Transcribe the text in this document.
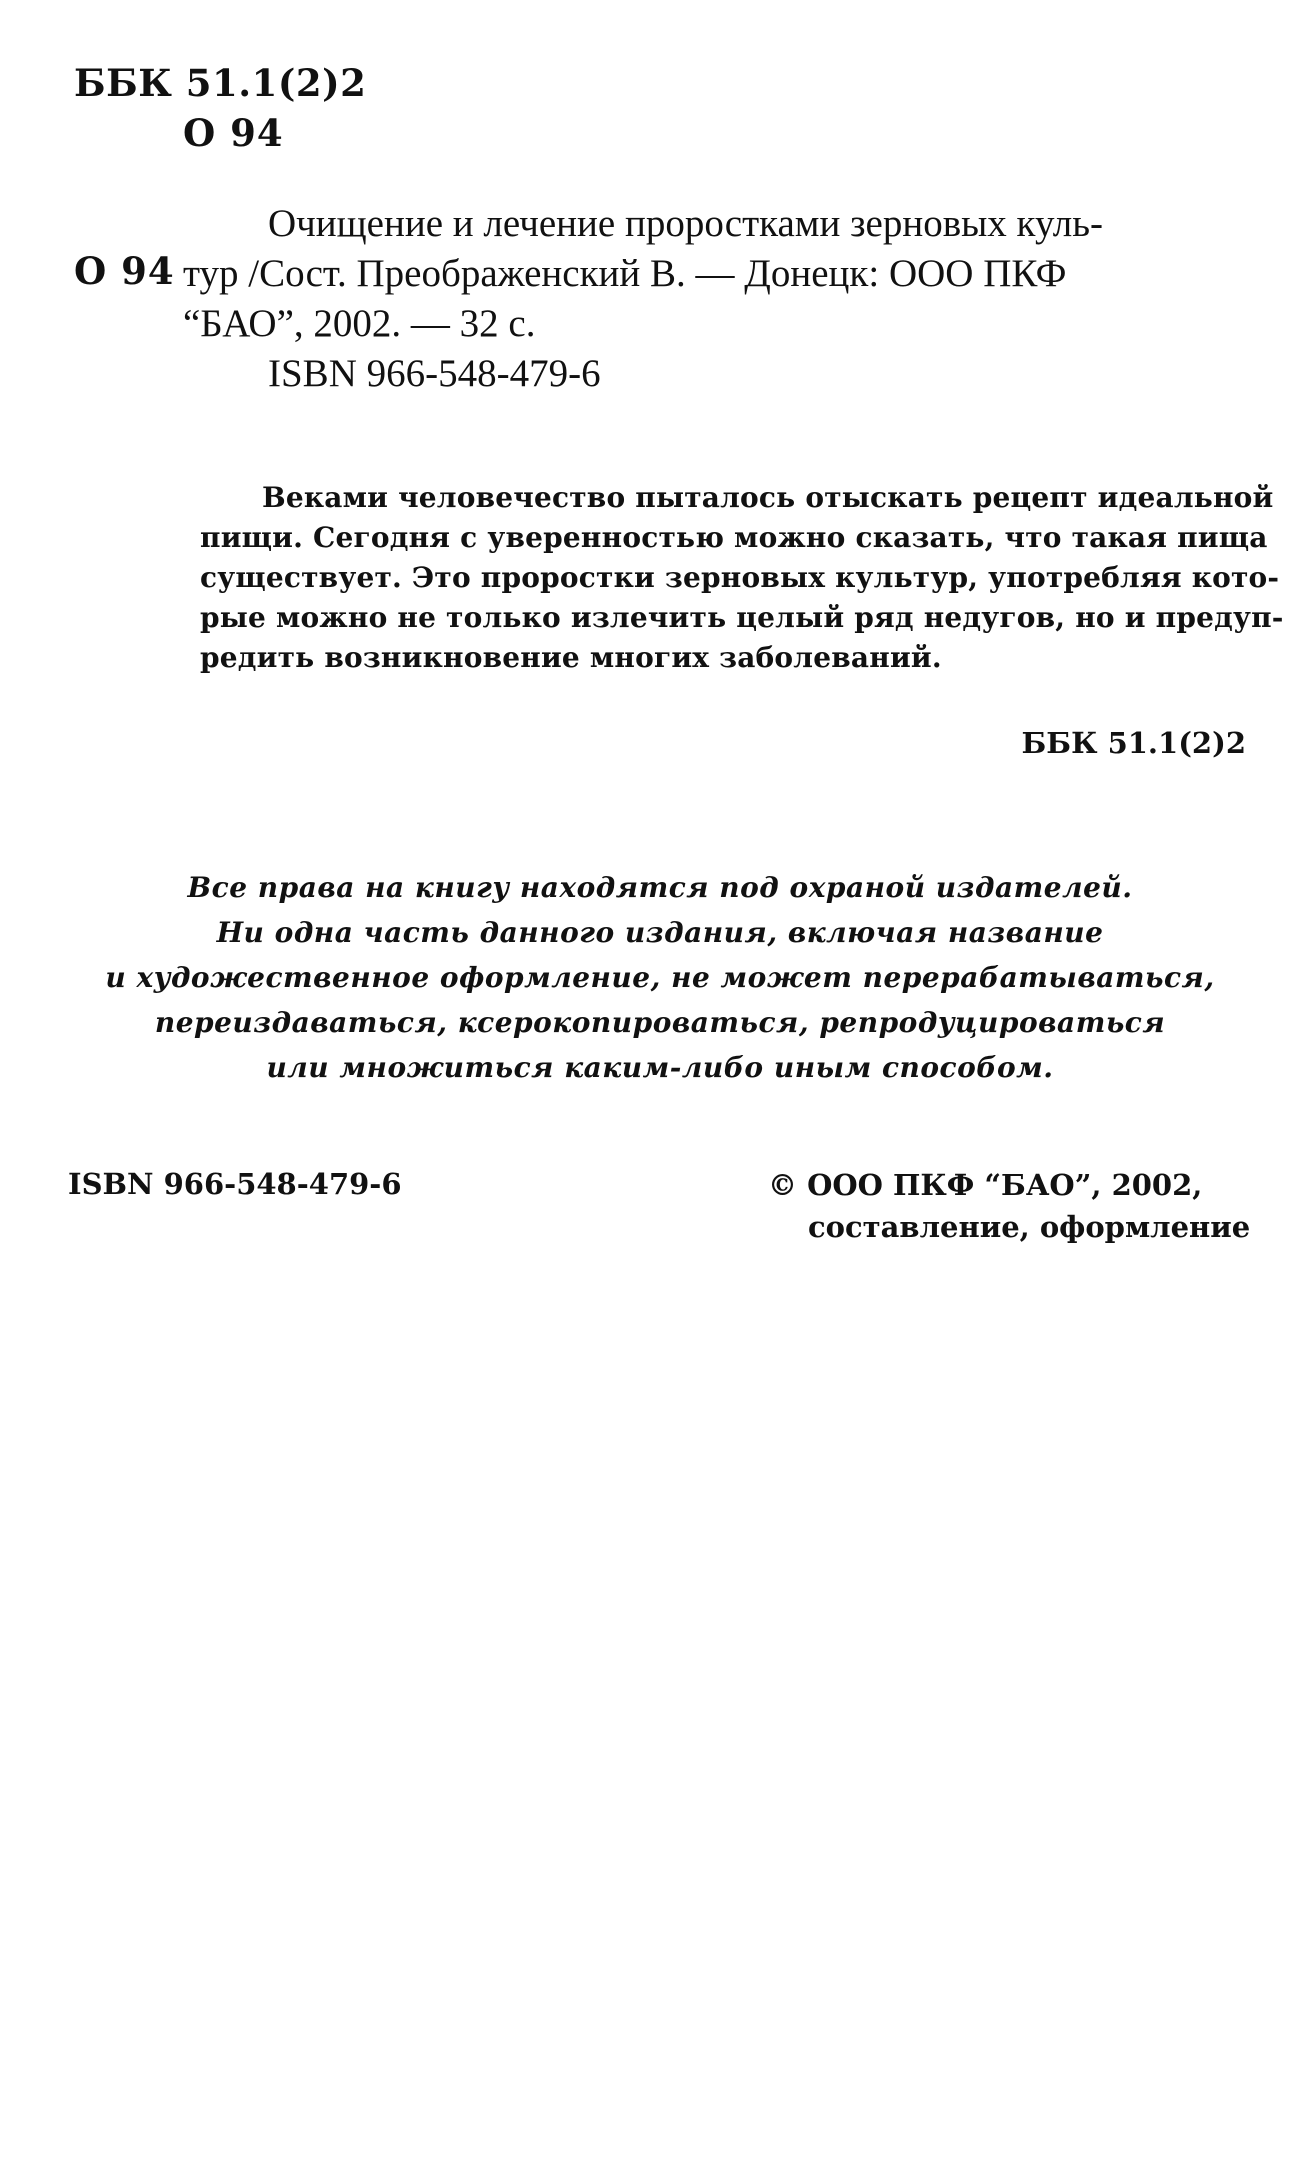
ББК 51.1(2)2
О 94
О 94
Очищение и лечение проростками зерновых куль-
тур /Сост. Преображенский В. — Донецк: ООО ПКФ
“БАО”, 2002. — 32 с.
ISBN 966-548-479-6
Веками человечество пыталось отыскать рецепт идеальной
пищи. Сегодня с уверенностью можно сказать, что такая пища
существует. Это проростки зерновых культур, употребляя кото-
рые можно не только излечить целый ряд недугов, но и предуп-
редить возникновение многих заболеваний.
ББК 51.1(2)2
Все права на книгу находятся под охраной издателей.
Ни одна часть данного издания, включая название
и художественное оформление, не может перерабатываться,
переиздаваться, ксерокопироваться, репродуцироваться
или множиться каким-либо иным способом.
ISBN 966-548-479-6	© ООО ПКФ “БАО”, 2002,
составление, оформление
